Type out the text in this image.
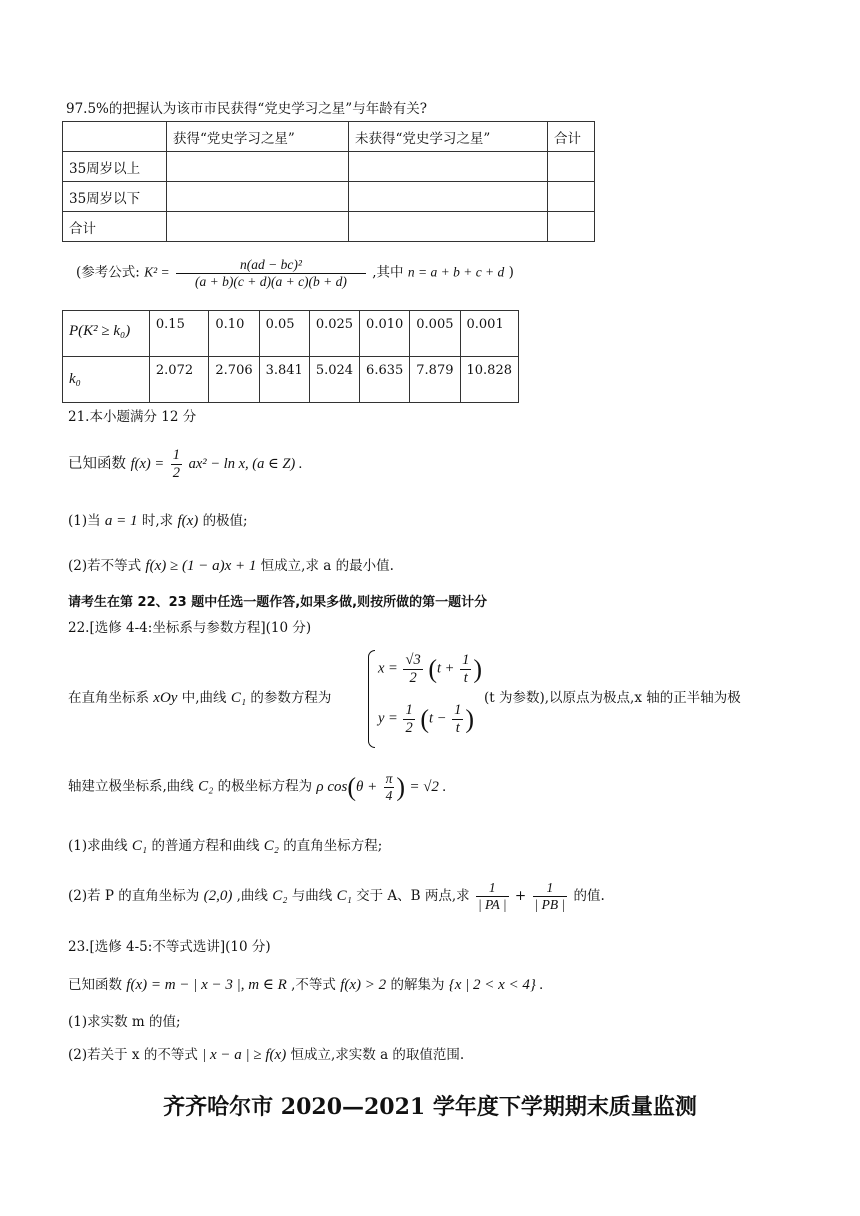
97.5%的把握认为该市市民获得“党史学习之星”与年龄有关?
	获得“党史学习之星”	未获得“党史学习之星”	合计
35周岁以上			
35周岁以下			
合计			
(参考公式: $K^2 = \frac{\text{n(ad − bc)²}}{(a + b)(c + d)(a + c)(b + d)}$ ,其中 n = a + b + c + d )
P(K² ≥ k₀)	0.15	0.10	0.05	0.025	0.010	0.005	0.001
k₀	2.072	2.706	3.841	5.024	6.635	7.879	10.828
21.本小题满分 12 分
已知函数 $f(x) = \frac{1}{2} ax^2 - \ln x$, (a ∈ Z) .
(1)当 a = 1 时,求 f(x) 的极值;
(2)若不等式 f(x) ≥ (1 − a)x + 1 恒成立,求 a 的最小值.
请考生在第 22、23 题中任选一题作答,如果多做,则按所做的第一题计分
22.[选修 4-4:坐标系与参数方程](10 分)
在直角坐标系 xOy 中,曲线 C₁ 的参数方程为
$x = \frac{√3}{2} (t + \frac{1}{t}$ )
$y = \frac{1}{2} (t - \frac{1}{t}$ )
(t 为参数),以原点为极点,x 轴的正半轴为极
轴建立极坐标系,曲线 C₂ 的极坐标方程为 ρ $\cos(\theta + \frac{\pi}{4}$ ) = √2 .
(1)求曲线 C₁ 的普通方程和曲线 C₂ 的直角坐标方程;
(2)若 P 的直角坐标为 (2,0) ,曲线 C₂ 与曲线 C₁ 交于 A、B 两点,求 $\frac{1}{| PA |} + \frac{1}{| PB |}$ 的值.
23.[选修 4-5:不等式选讲](10 分)
已知函数 f(x) = m − | x − 3 |, m ∈ R ,不等式 f(x) > 2 的解集为 {x | 2 < x < 4} .
(1)求实数 m 的值;
(2)若关于 x 的不等式 | x − a | ≥ f(x) 恒成立,求实数 a 的取值范围.
齐齐哈尔市 2020—2021 学年度下学期期末质量监测
